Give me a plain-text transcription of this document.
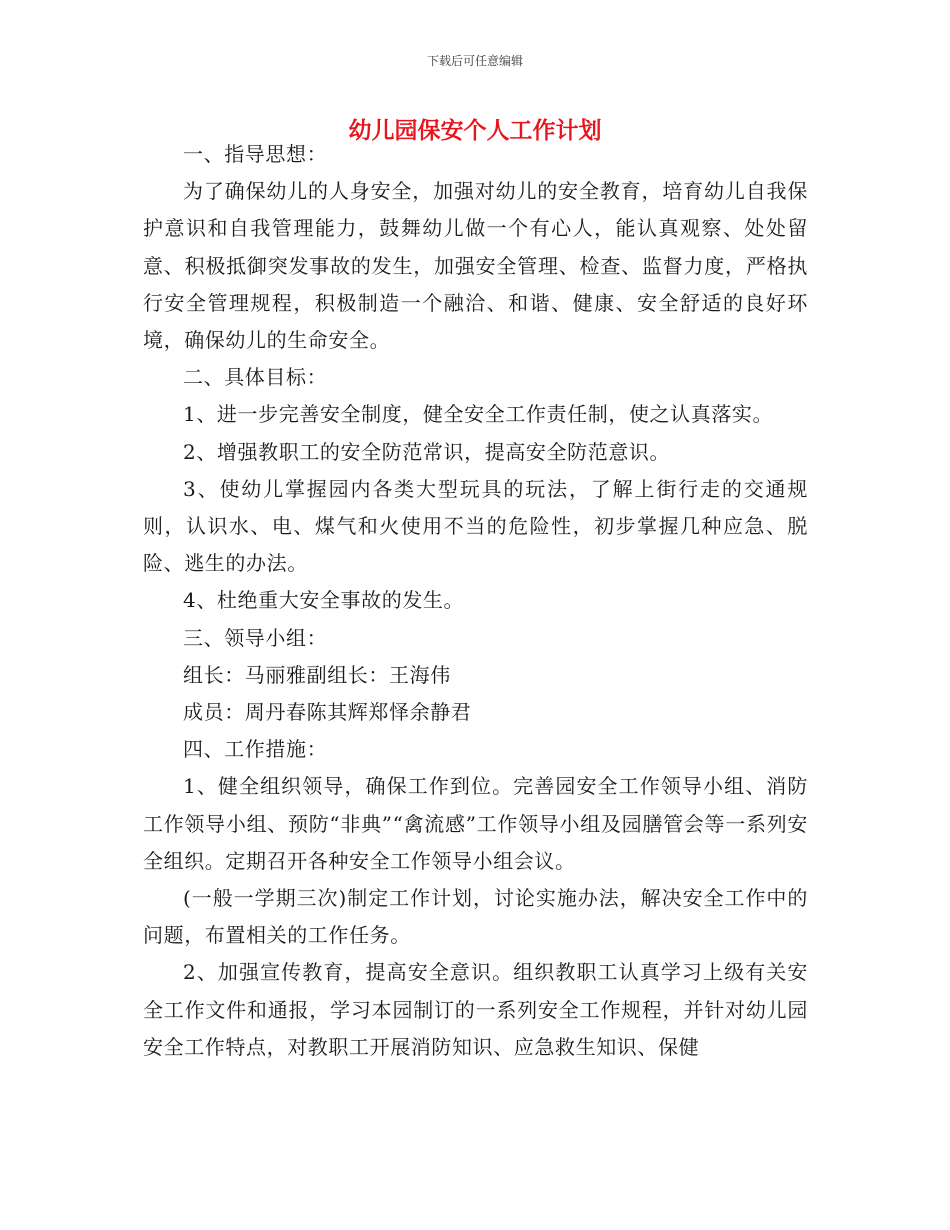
下载后可任意编辑
幼儿园保安个人工作计划

一、指导思想：

为了确保幼儿的人身安全，加强对幼儿的安全教育，培育幼儿自我保护意识和自我管理能力，鼓舞幼儿做一个有心人，能认真观察、处处留意、积极抵御突发事故的发生，加强安全管理、检查、监督力度，严格执行安全管理规程，积极制造一个融洽、和谐、健康、安全舒适的良好环境，确保幼儿的生命安全。

二、具体目标：

1、进一步完善安全制度，健全安全工作责任制，使之认真落实。

2、增强教职工的安全防范常识，提高安全防范意识。

3、使幼儿掌握园内各类大型玩具的玩法，了解上街行走的交通规则，认识水、电、煤气和火使用不当的危险性，初步掌握几种应急、脱险、逃生的办法。

4、杜绝重大安全事故的发生。

三、领导小组：

组长：马丽雅副组长：王海伟

成员：周丹春陈其辉郑怿余静君

四、工作措施：

1、健全组织领导，确保工作到位。完善园安全工作领导小组、消防工作领导小组、预防“非典”“禽流感”工作领导小组及园膳管会等一系列安全组织。定期召开各种安全工作领导小组会议。

(一般一学期三次)制定工作计划，讨论实施办法，解决安全工作中的问题，布置相关的工作任务。

2、加强宣传教育，提高安全意识。组织教职工认真学习上级有关安全工作文件和通报，学习本园制订的一系列安全工作规程，并针对幼儿园安全工作特点，对教职工开展消防知识、应急救生知识、保健
